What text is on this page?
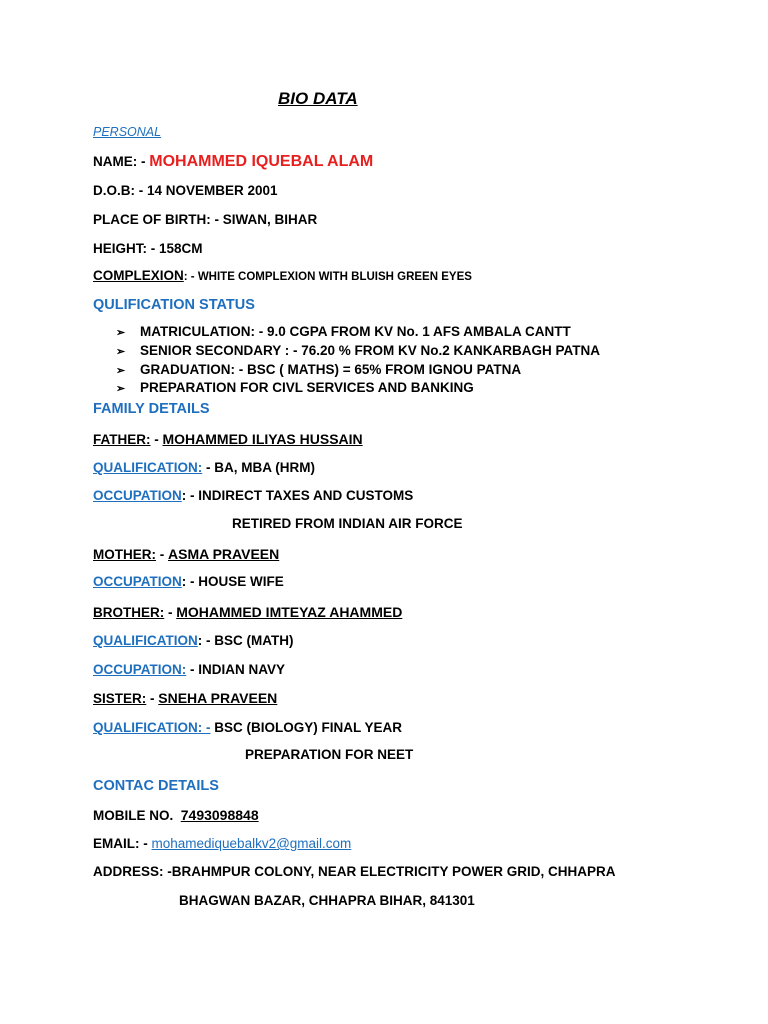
BIO DATA
PERSONAL
NAME: - MOHAMMED IQUEBAL ALAM
D.O.B: - 14 NOVEMBER 2001
PLACE OF BIRTH: - SIWAN, BIHAR
HEIGHT: - 158CM
COMPLEXION: - WHITE COMPLEXION WITH BLUISH GREEN EYES
QULIFICATION STATUS
➢ MATRICULATION: - 9.0 CGPA FROM KV No. 1 AFS AMBALA CANTT
➢ SENIOR SECONDARY : - 76.20 % FROM KV No.2 KANKARBAGH PATNA
➢ GRADUATION: - BSC ( MATHS) = 65% FROM IGNOU PATNA
➢ PREPARATION FOR CIVL SERVICES AND BANKING
FAMILY DETAILS
FATHER: - MOHAMMED ILIYAS HUSSAIN
QUALIFICATION: - BA, MBA (HRM)
OCCUPATION: - INDIRECT TAXES AND CUSTOMS
RETIRED FROM INDIAN AIR FORCE
MOTHER: - ASMA PRAVEEN
OCCUPATION: - HOUSE WIFE
BROTHER: - MOHAMMED IMTEYAZ AHAMMED
QUALIFICATION: - BSC (MATH)
OCCUPATION: - INDIAN NAVY
SISTER: - SNEHA PRAVEEN
QUALIFICATION: - BSC (BIOLOGY) FINAL YEAR
PREPARATION FOR NEET
CONTAC DETAILS
MOBILE NO.  7493098848
EMAIL: - mohamediquebalkv2@gmail.com
ADDRESS: -BRAHMPUR COLONY, NEAR ELECTRICITY POWER GRID, CHHAPRA
BHAGWAN BAZAR, CHHAPRA BIHAR, 841301
